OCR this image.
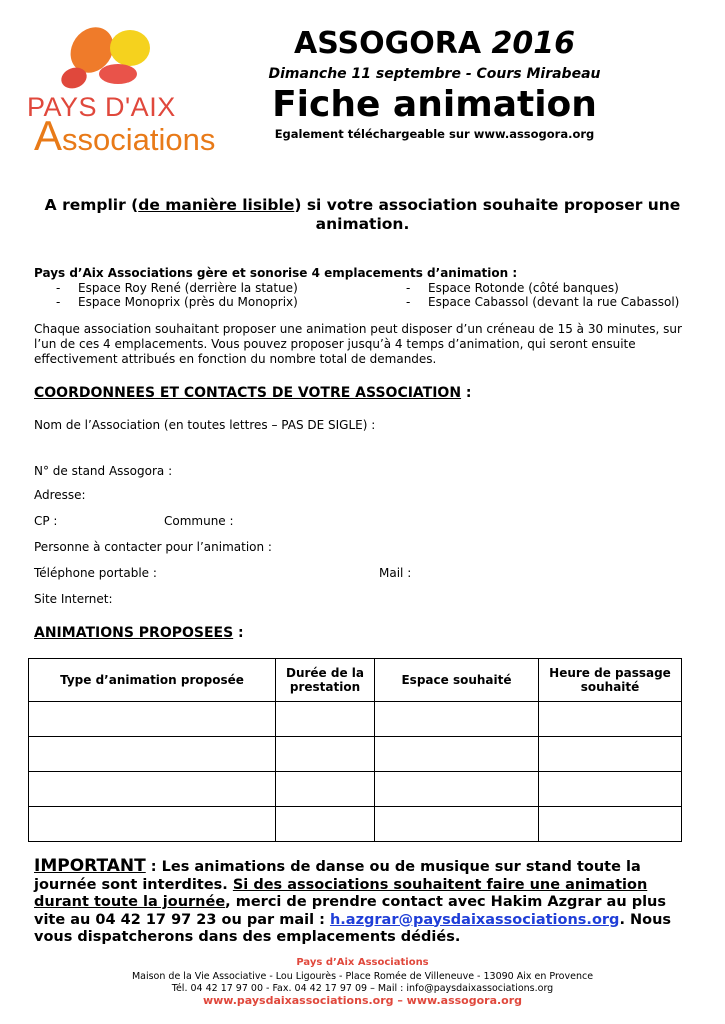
PAYS D'AIX
Associations
ASSOGORA 2016
Dimanche 11 septembre - Cours Mirabeau
Fiche animation
Egalement téléchargeable sur www.assogora.org
A remplir (de manière lisible) si votre association souhaite proposer une animation.
Pays d’Aix Associations gère et sonorise 4 emplacements d’animation :
- Espace Roy René (derrière la statue)	- Espace Rotonde (côté banques)
- Espace Monoprix (près du Monoprix)	- Espace Cabassol (devant la rue Cabassol)
Chaque association souhaitant proposer une animation peut disposer d’un créneau de 15 à 30 minutes, sur l’un de ces 4 emplacements. Vous pouvez proposer jusqu’à 4 temps d’animation, qui seront ensuite effectivement attribués en fonction du nombre total de demandes.
COORDONNEES ET CONTACTS DE VOTRE ASSOCIATION :
Nom de l’Association (en toutes lettres – PAS DE SIGLE) :
N° de stand Assogora :
Adresse:
CP :	Commune :
Personne à contacter pour l’animation :
Téléphone portable :	Mail :
Site Internet:
ANIMATIONS PROPOSEES :
Type d’animation proposée	Durée de la prestation	Espace souhaité	Heure de passage souhaité

IMPORTANT : Les animations de danse ou de musique sur stand toute la journée sont interdites. Si des associations souhaitent faire une animation durant toute la journée, merci de prendre contact avec Hakim Azgrar au plus vite au 04 42 17 97 23 ou par mail : h.azgrar@paysdaixassociations.org. Nous vous dispatcherons dans des emplacements dédiés.
Pays d’Aix Associations
Maison de la Vie Associative - Lou Ligourès - Place Romée de Villeneuve - 13090 Aix en Provence
Tél. 04 42 17 97 00 - Fax. 04 42 17 97 09 – Mail : info@paysdaixassociations.org
www.paysdaixassociations.org – www.assogora.org
